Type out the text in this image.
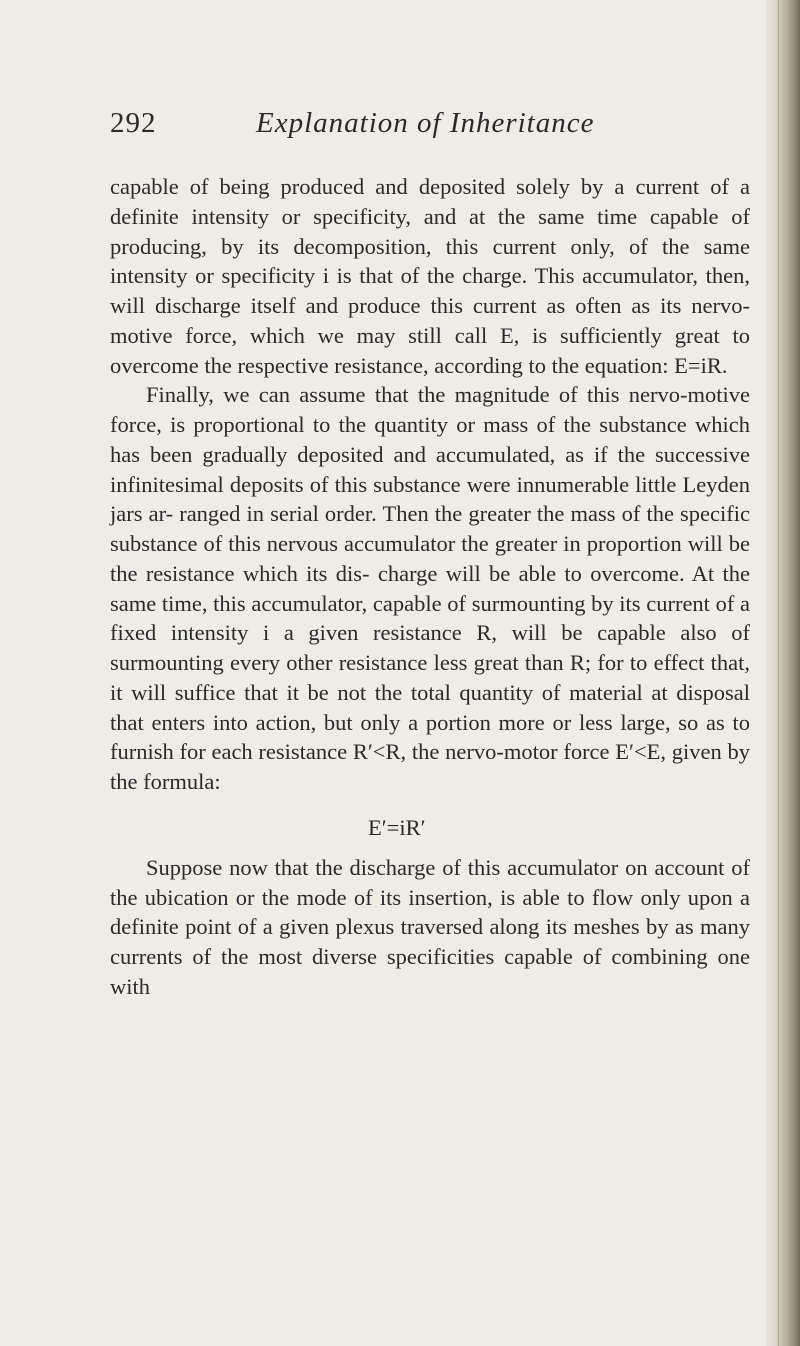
292	Explanation of Inheritance

capable of being produced and deposited solely by a current of a definite intensity or specificity, and at the same time capable of producing, by its decomposition, this current only, of the same intensity or specificity i is that of the charge. This accumulator, then, will discharge itself and produce this current as often as its nervo-motive force, which we may still call E, is sufficiently great to overcome the respective resistance, according to the equation: E=iR.

Finally, we can assume that the magnitude of this nervo-motive force, is proportional to the quantity or mass of the substance which has been gradually deposited and accumulated, as if the successive infinitesimal deposits of this substance were innumerable little Leyden jars ar- ranged in serial order. Then the greater the mass of the specific substance of this nervous accumulator the greater in proportion will be the resistance which its dis- charge will be able to overcome. At the same time, this accumulator, capable of surmounting by its current of a fixed intensity i a given resistance R, will be capable also of surmounting every other resistance less great than R; for to effect that, it will suffice that it be not the total quantity of material at disposal that enters into action, but only a portion more or less large, so as to furnish for each resistance R′<R, the nervo-motor force E′<E, given by the formula:

E′=iR′

Suppose now that the discharge of this accumulator on account of the ubication or the mode of its insertion, is able to flow only upon a definite point of a given plexus traversed along its meshes by as many currents of the most diverse specificities capable of combining one with
